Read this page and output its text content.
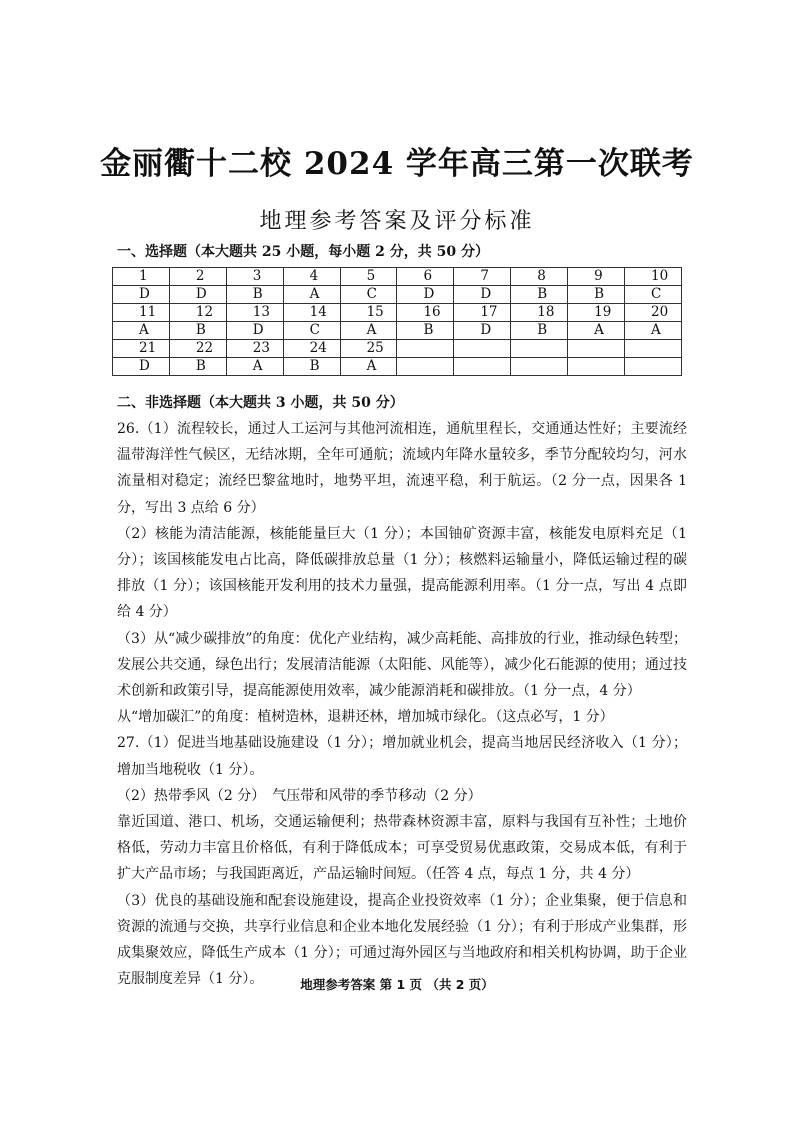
金丽衢十二校 2024 学年高三第一次联考
地理参考答案及评分标准
一、选择题（本大题共 25 小题，每小题 2 分，共 50 分）
1	2	3	4	5	6	7	8	9	10
D	D	B	A	C	D	D	B	B	C
11	12	13	14	15	16	17	18	19	20
A	B	D	C	A	B	D	B	A	A
21	22	23	24	25					
D	B	A	B	A					
二、非选择题（本大题共 3 小题，共 50 分）

26.（1）流程较长，通过人工运河与其他河流相连，通航里程长，交通通达性好；主要流经温带海洋性气候区，无结冰期，全年可通航；流域内年降水量较多，季节分配较均匀，河水流量相对稳定；流经巴黎盆地时，地势平坦，流速平稳，利于航运。（2 分一点，因果各 1 分，写出 3 点给 6 分）

（2）核能为清洁能源，核能能量巨大（1 分）；本国铀矿资源丰富，核能发电原料充足（1 分）；该国核能发电占比高，降低碳排放总量（1 分）；核燃料运输量小，降低运输过程的碳排放（1 分）；该国核能开发利用的技术力量强，提高能源利用率。（1 分一点，写出 4 点即给 4 分）

（3）从“减少碳排放”的角度：优化产业结构，减少高耗能、高排放的行业，推动绿色转型；发展公共交通，绿色出行；发展清洁能源（太阳能、风能等），减少化石能源的使用；通过技术创新和政策引导，提高能源使用效率，减少能源消耗和碳排放。（1 分一点，4 分）

从“增加碳汇”的角度：植树造林，退耕还林，增加城市绿化。（这点必写，1 分）

27.（1）促进当地基础设施建设（1 分）；增加就业机会，提高当地居民经济收入（1 分）；增加当地税收（1 分）。

（2）热带季风（2 分）　气压带和风带的季节移动（2 分）

靠近国道、港口、机场，交通运输便利；热带森林资源丰富，原料与我国有互补性；土地价格低，劳动力丰富且价格低，有利于降低成本；可享受贸易优惠政策，交易成本低，有利于扩大产品市场；与我国距离近，产品运输时间短。（任答 4 点，每点 1 分，共 4 分）

（3）优良的基础设施和配套设施建设，提高企业投资效率（1 分）；企业集聚，便于信息和资源的流通与交换，共享行业信息和企业本地化发展经验（1 分）；有利于形成产业集群，形成集聚效应，降低生产成本（1 分）；可通过海外园区与当地政府和相关机构协调，助于企业克服制度差异（1 分）。	地理参考答案 第 1 页 （共 2 页）
